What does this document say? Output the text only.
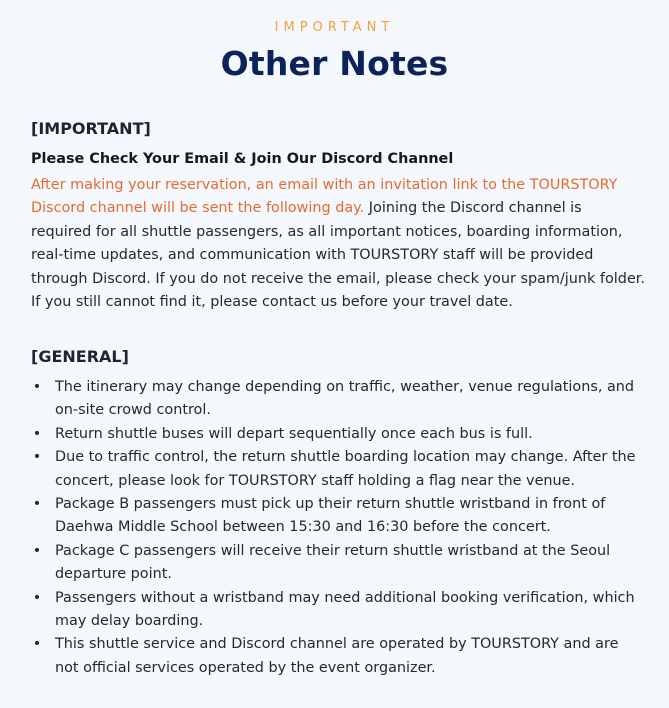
IMPORTANT
Other Notes
[IMPORTANT]
Please Check Your Email & Join Our Discord Channel
After making your reservation, an email with an invitation link to the TOURSTORY Discord channel will be sent the following day. Joining the Discord channel is required for all shuttle passengers, as all important notices, boarding information, real-time updates, and communication with TOURSTORY staff will be provided through Discord. If you do not receive the email, please check your spam/junk folder. If you still cannot find it, please contact us before your travel date.
[GENERAL]
• The itinerary may change depending on traffic, weather, venue regulations, and on-site crowd control.
• Return shuttle buses will depart sequentially once each bus is full.
• Due to traffic control, the return shuttle boarding location may change. After the concert, please look for TOURSTORY staff holding a flag near the venue.
• Package B passengers must pick up their return shuttle wristband in front of Daehwa Middle School between 15:30 and 16:30 before the concert.
• Package C passengers will receive their return shuttle wristband at the Seoul departure point.
• Passengers without a wristband may need additional booking verification, which may delay boarding.
• This shuttle service and Discord channel are operated by TOURSTORY and are not official services operated by the event organizer.
